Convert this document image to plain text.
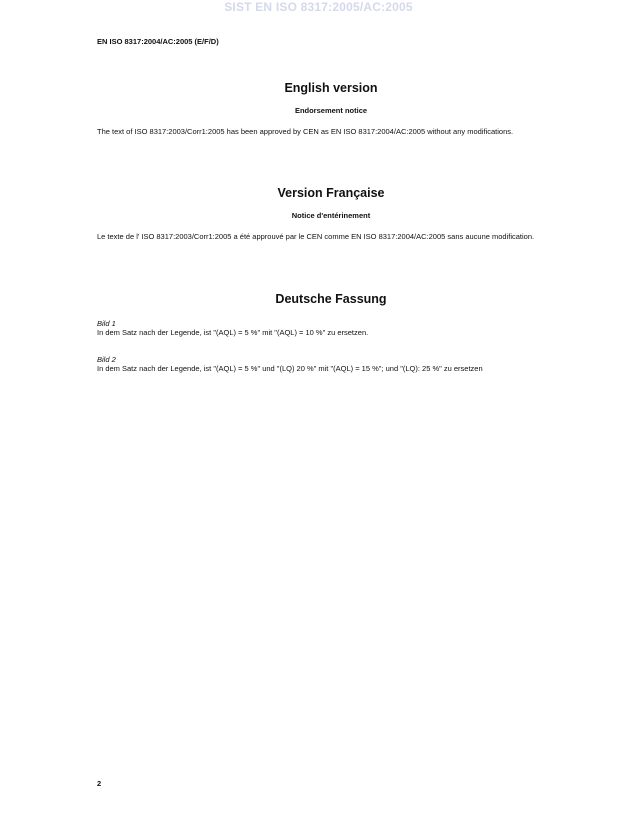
SIST EN ISO 8317:2005/AC:2005
EN ISO 8317:2004/AC:2005 (E/F/D)
English version
Endorsement notice

The text of ISO 8317:2003/Corr1:2005 has been approved by CEN as EN ISO 8317:2004/AC:2005 without any modifications.

Version Française
Notice d'entérinement

Le texte de l' ISO 8317:2003/Corr1:2005 a été approuvé par le CEN comme EN ISO 8317:2004/AC:2005 sans aucune modification.

Deutsche Fassung

Bild 1

In dem Satz nach der Legende, ist "(AQL) = 5 %" mit "(AQL) = 10 %" zu ersetzen.

Bild 2

In dem Satz nach der Legende, ist "(AQL) = 5 %" und "(LQ) 20 %" mit "(AQL) = 15 %"; und "(LQ): 25 %" zu ersetzen

2
